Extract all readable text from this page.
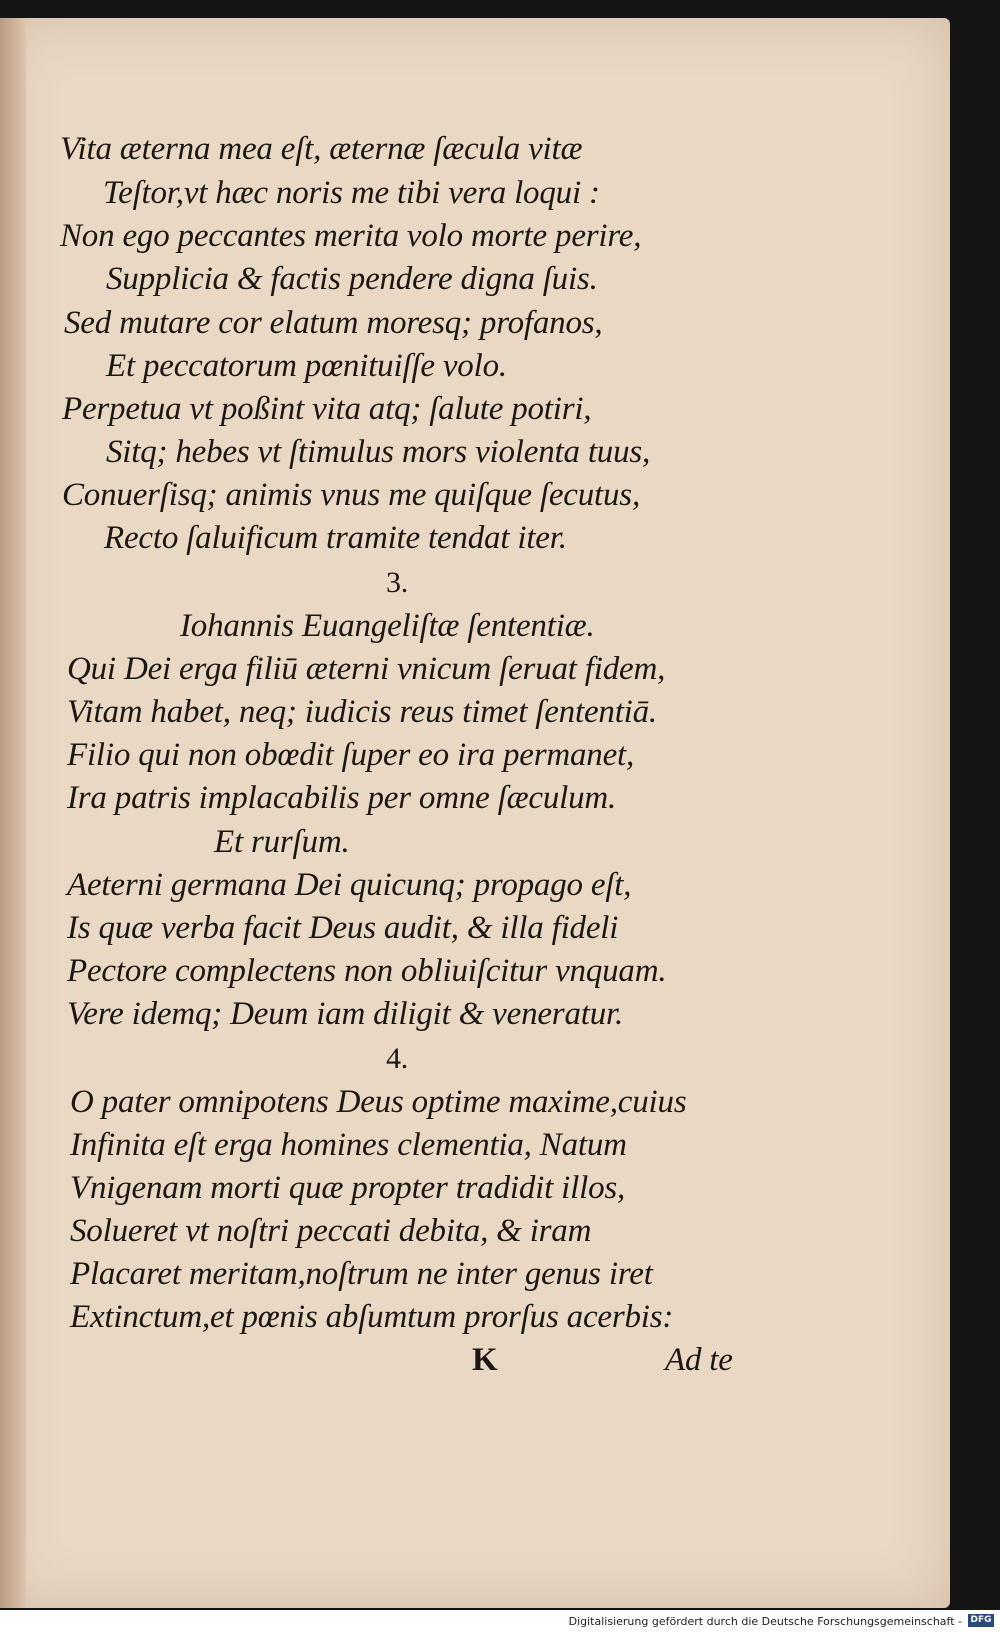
Vita æterna mea eſt, æternæ ſæcula vitæ
Teſtor,vt hæc noris me tibi vera loqui :
Non ego peccantes merita volo morte perire,
Supplicia & factis pendere digna ſuis.
Sed mutare cor elatum moresq; profanos,
Et peccatorum pœnituiſſe volo.
Perpetua vt poßint vita atq; ſalute potiri,
Sitq; hebes vt ſtimulus mors violenta tuus,
Conuerſisq; animis vnus me quiſque ſecutus,
Recto ſaluificum tramite tendat iter.
3.
Iohannis Euangeliſtæ ſententiæ.
Qui Dei erga filiū æterni vnicum ſeruat fidem,
Vitam habet, neq; iudicis reus timet ſententiā.
Filio qui non obœdit ſuper eo ira permanet,
Ira patris implacabilis per omne ſæculum.
Et rurſum.
Aeterni germana Dei quicunq; propago eſt,
Is quæ verba facit Deus audit, & illa fideli
Pectore complectens non obliuiſcitur vnquam.
Vere idemq; Deum iam diligit & veneratur.
4.
O pater omnipotens Deus optime maxime,cuius
Infinita eſt erga homines clementia, Natum
Vnigenam morti quæ propter tradidit illos,
Solueret vt noſtri peccati debita, & iram
Placaret meritam,noſtrum ne inter genus iret
Extinctum,et pœnis abſumtum prorſus acerbis:
K	Ad te
Digitalisierung gefördert durch die Deutsche Forschungsgemeinschaft - DFG
